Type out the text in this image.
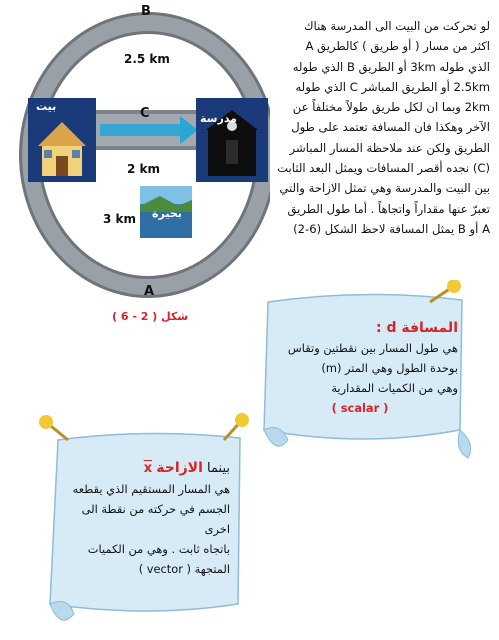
B
2.5 km
C
2 km
3 km
A
بيت
مدرسة
بحيرة
شكل ( 2 - 6 )
لو تحركت من البيت الى المدرسة هناك
اكثر من مسار ( أو طريق ) كالطريق A
الذي طوله 3km أو الطريق B الذي طوله
2.5km أو الطريق المباشر C الذي طوله
2km وبما ان لكل طريق طولاً مختلفاً عن
الآخر وهكذا فان المسافة تعتمد على طول
الطريق ولكن عند ملاحظة المسار المباشر
(C) نجده أقصر المسافات ويمثل البعد الثابت
بين البيت والمدرسة وهي تمثل الازاحة والتي
تعبرّ عنها مقداراً واتجاهاً . أما طول الطريق
A أو B يمثل المسافة لاحظ الشكل (6-2)
المسافة d :
هي طول المسار بين نقطتين وتقاس
بوحدة الطول وهي المتر (m)
وهي من الكميات المقدارية
( scalar )
بينما الازاحة x
هي المسار المستقيم الذي يقطعه
الجسم في حركته من نقطة الى اخرى
باتجاه ثابت . وهي من الكميات
المتجهة ( vector )
